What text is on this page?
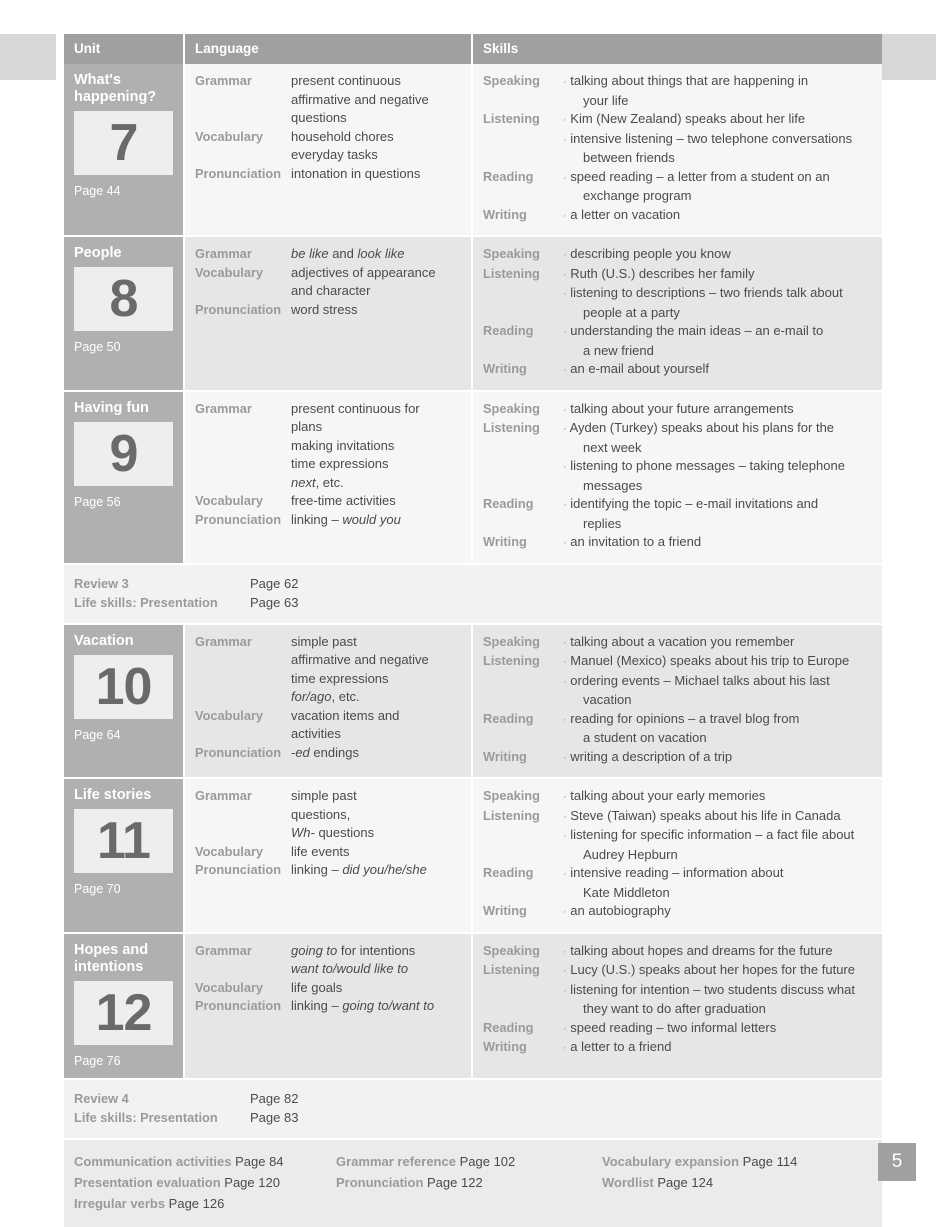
Unit	Language	Skills

What's happening?
7
Page 44

Grammar	present continuous
affirmative and negative
questions
Vocabulary	household chores
everyday tasks
Pronunciation intonation in questions

Speaking	· talking about things that are happening in
your life
Listening	· Kim (New Zealand) speaks about her life
· intensive listening – two telephone conversations
between friends
Reading	· speed reading – a letter from a student on an
exchange program
Writing	· a letter on vacation

People
8
Page 50

Grammar	be like and look like
Vocabulary	adjectives of appearance
and character
Pronunciation word stress

Speaking	· describing people you know
Listening	· Ruth (U.S.) describes her family
· listening to descriptions – two friends talk about
people at a party
Reading	· understanding the main ideas – an e-mail to
a new friend
Writing	· an e-mail about yourself

Having fun
9
Page 56

Grammar	present continuous for
plans
making invitations
time expressions
next, etc.
Vocabulary	free-time activities
Pronunciation linking – would you

Speaking	· talking about your future arrangements
Listening	· Ayden (Turkey) speaks about his plans for the
next week
· listening to phone messages – taking telephone
messages
Reading	· identifying the topic – e-mail invitations and
replies
Writing	· an invitation to a friend

Review 3 Page 62
Life skills: Presentation Page 63		

Vacation
10
Page 64

Grammar	simple past
affirmative and negative
time expressions
for/ago, etc.
Vocabulary	vacation items and
activities
Pronunciation -ed endings

Speaking	· talking about a vacation you remember
Listening	· Manuel (Mexico) speaks about his trip to Europe
· ordering events – Michael talks about his last
vacation
Reading	· reading for opinions – a travel blog from
a student on vacation
Writing	· writing a description of a trip

Life stories
11
Page 70

Grammar	simple past
questions,
Wh- questions
Vocabulary	life events
Pronunciation linking – did you/he/she

Speaking	· talking about your early memories
Listening	· Steve (Taiwan) speaks about his life in Canada
· listening for specific information – a fact file about
Audrey Hepburn
Reading	· intensive reading – information about
Kate Middleton
Writing	· an autobiography

Hopes and intentions
12
Page 76

Grammar	going to for intentions
want to/would like to
Vocabulary	life goals
Pronunciation linking – going to/want to

Speaking	· talking about hopes and dreams for the future
Listening	· Lucy (U.S.) speaks about her hopes for the future
· listening for intention – two students discuss what
they want to do after graduation
Reading	· speed reading – two informal letters
Writing	· a letter to a friend

Review 4 Page 82
Life skills: Presentation Page 83		

Communication activities Page 84
Presentation evaluation Page 120
Irregular verbs Page 126
Grammar reference Page 102
Pronunciation Page 122
Vocabulary expansion Page 114
Wordlist Page 124
5
